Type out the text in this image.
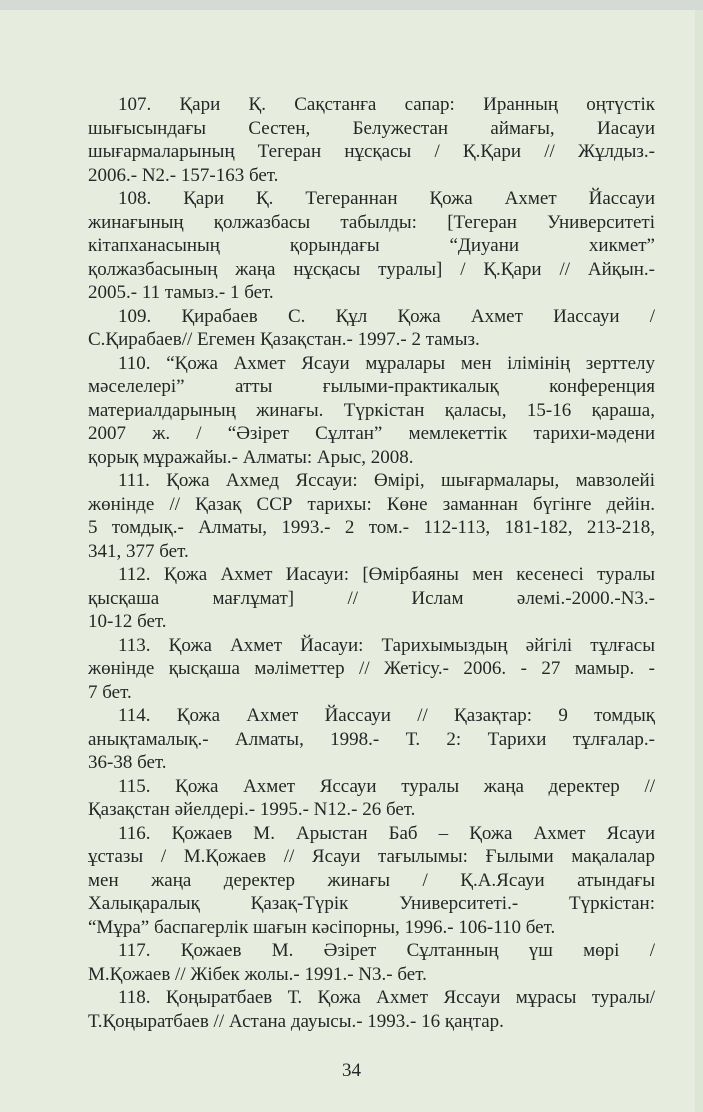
107. Қари Қ. Сақстанға сапар: Иранның оңтүстік
шығысындағы Сестен, Белужестан аймағы, Иасауи
шығармаларының Тегеран нұсқасы / Қ.Қари // Жұлдыз.-
2006.- N2.- 157-163 бет.
108. Қари Қ. Тегераннан Қожа Ахмет Йассауи
жинағының қолжазбасы табылды: [Тегеран Университеті
кітапханасының қорындағы “Диуани хикмет”
қолжазбасының жаңа нұсқасы туралы] / Қ.Қари // Айқын.-
2005.- 11 тамыз.- 1 бет.
109. Қирабаев С. Құл Қожа Ахмет Иассауи /
С.Қирабаев// Егемен Қазақстан.- 1997.- 2 тамыз.
110. “Қожа Ахмет Ясауи мұралары мен ілімінің зерттелу
мәселелері” атты ғылыми-практикалық конференция
материалдарының жинағы. Түркістан қаласы, 15-16 қараша,
2007 ж. / “Әзірет Сұлтан” мемлекеттік тарихи-мәдени
қорық мұражайы.- Алматы: Арыс, 2008.
111. Қожа Ахмед Яссауи: Өмірі, шығармалары, мавзолейі
жөнінде // Қазақ ССР тарихы: Көне заманнан бүгінге дейін.
5 томдық.- Алматы, 1993.- 2 том.- 112-113, 181-182, 213-218,
341, 377 бет.
112. Қожа Ахмет Иасауи: [Өмірбаяны мен кесенесі туралы
қысқаша мағлұмат] // Ислам әлемі.-2000.-N3.-
10-12 бет.
113. Қожа Ахмет Йасауи: Тарихымыздың әйгілі тұлғасы
жөнінде қысқаша мәліметтер // Жетісу.- 2006. - 27 мамыр. -
7 бет.
114. Қожа Ахмет Йассауи // Қазақтар: 9 томдық
анықтамалық.- Алматы, 1998.- Т. 2: Тарихи тұлғалар.-
36-38 бет.
115. Қожа Ахмет Яссауи туралы жаңа деректер //
Қазақстан әйелдері.- 1995.- N12.- 26 бет.
116. Қожаев М. Арыстан Баб – Қожа Ахмет Ясауи
ұстазы / М.Қожаев // Ясауи тағылымы: Ғылыми мақалалар
мен жаңа деректер жинағы / Қ.А.Ясауи атындағы
Халықаралық Қазақ-Түрік Университеті.- Түркістан:
“Мұра” баспагерлік шағын кәсіпорны, 1996.- 106-110 бет.
117. Қожаев М. Әзірет Сұлтанның үш мөрі /
М.Қожаев // Жібек жолы.- 1991.- N3.- бет.
118. Қоңыратбаев Т. Қожа Ахмет Яссауи мұрасы туралы/
Т.Қоңыратбаев // Астана дауысы.- 1993.- 16 қаңтар.
34
